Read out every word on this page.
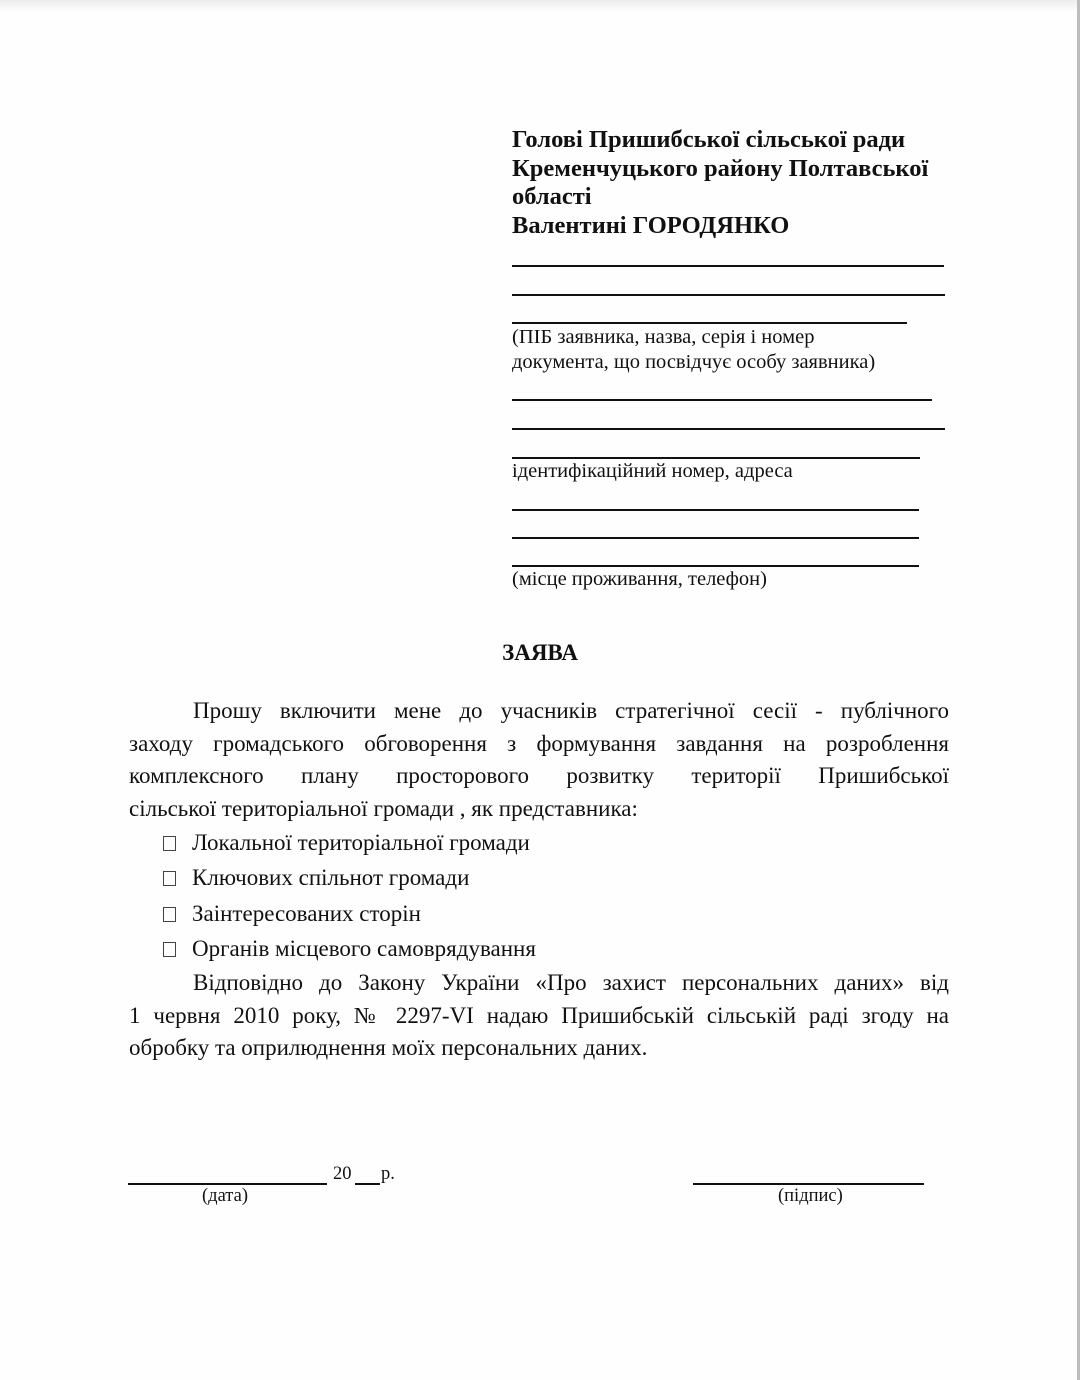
Голові Пришибської сільської ради
Кременчуцького району Полтавської
області
Валентині ГОРОДЯНКО
(ПІБ заявника, назва, серія і номер
документа, що посвідчує особу заявника)
ідентифікаційний номер, адреса
(місце проживання, телефон)
ЗАЯВА
Прошу включити мене до учасників стратегічної сесії - публічного
заходу громадського обговорення з формування завдання на розроблення
комплексного плану просторового розвитку території Пришибської
сільської територіальної громади , як представника:
Локальної територіальної громади
Ключових спільнот громади
Заінтересованих сторін
Органів місцевого самоврядування
Відповідно до Закону України «Про захист персональних даних» від
1 червня 2010 року, № 2297-VI надаю Пришибській сільській раді згоду на
обробку та оприлюднення моїх персональних даних.
20 р.
(дата)	(підпис)
